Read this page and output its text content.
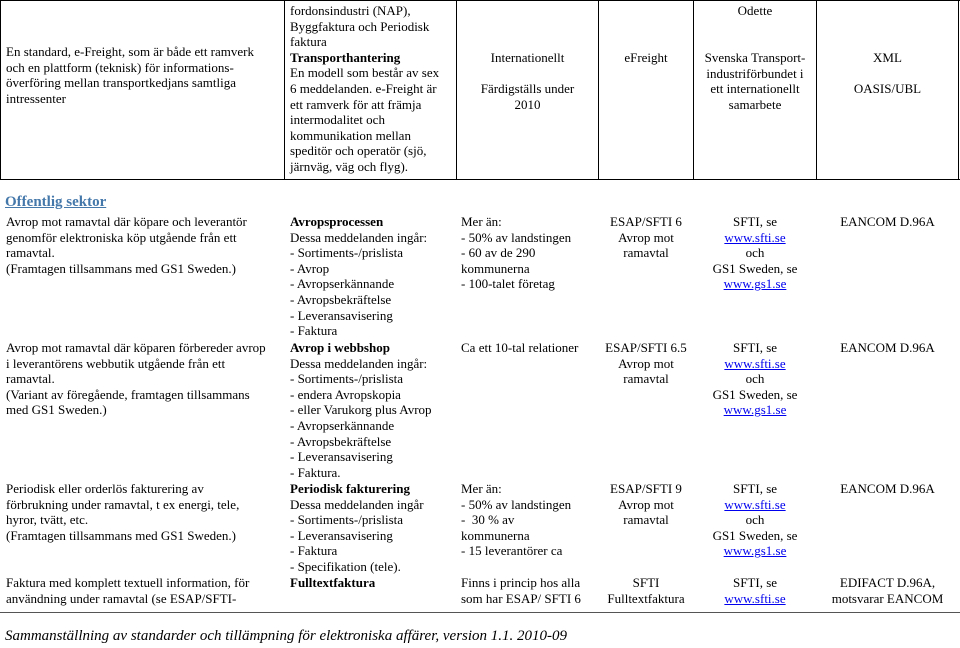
En standard, e-Freight, som är både ett ramverk
och en plattform (teknisk) för informations-
överföring mellan transportkedjans samtliga
intressenter
fordonsindustri (NAP),
Byggfaktura och Periodisk
faktura
Transporthantering
En modell som består av sex
6 meddelanden. e-Freight är
ett ramverk för att främja
intermodalitet och
kommunikation mellan
speditör och operatör (sjö,
järnväg, väg och flyg).
Internationellt

Färdigställs under
2010
eFreight
Odette
Svenska Transport-
industriförbundet i
ett internationellt
samarbete
XML

OASIS/UBL
Offentlig sektor
Avrop mot ramavtal där köpare och leverantör
genomför elektroniska köp utgående från ett
ramavtal.
(Framtagen tillsammans med GS1 Sweden.)
Avropsprocessen
Dessa meddelanden ingår:
- Sortiments-/prislista
- Avrop
- Avropserkännande
- Avropsbekräftelse
- Leveransavisering
- Faktura
Mer än:
- 50% av landstingen
- 60 av de 290
kommunerna
- 100-talet företag
ESAP/SFTI 6
Avrop mot
ramavtal
SFTI, se
www.sfti.se
och
GS1 Sweden, se
www.gs1.se
EANCOM D.96A
Avrop mot ramavtal där köparen förbereder avrop
i leverantörens webbutik utgående från ett
ramavtal.
(Variant av föregående, framtagen tillsammans
med GS1 Sweden.)
Avrop i webbshop
Dessa meddelanden ingår:
- Sortiments-/prislista
- endera Avropskopia
- eller Varukorg plus Avrop
- Avropserkännande
- Avropsbekräftelse
- Leveransavisering
- Faktura.
Ca ett 10-tal relationer	ESAP/SFTI 6.5
Avrop mot
ramavtal
SFTI, se
www.sfti.se
och
GS1 Sweden, se
www.gs1.se
EANCOM D.96A
Periodisk eller orderlös fakturering av
förbrukning under ramavtal, t ex energi, tele,
hyror, tvätt, etc.
(Framtagen tillsammans med GS1 Sweden.)
Periodisk fakturering
Dessa meddelanden ingår
- Sortiments-/prislista
- Leveransavisering
- Faktura
- Specifikation (tele).
Mer än:
- 50% av landstingen
-  30 % av
kommunerna
- 15 leverantörer ca
ESAP/SFTI 9
Avrop mot
ramavtal
SFTI, se
www.sfti.se
och
GS1 Sweden, se
www.gs1.se
EANCOM D.96A
Faktura med komplett textuell information, för
användning under ramavtal (se ESAP/SFTI-
Fulltextfaktura	Finns i princip hos alla
som har ESAP/ SFTI 6
SFTI
Fulltextfaktura
SFTI, se
www.sfti.se
EDIFACT D.96A,
motsvarar EANCOM
Sammanställning av standarder och tillämpning för elektroniska affärer, version 1.1. 2010-09
